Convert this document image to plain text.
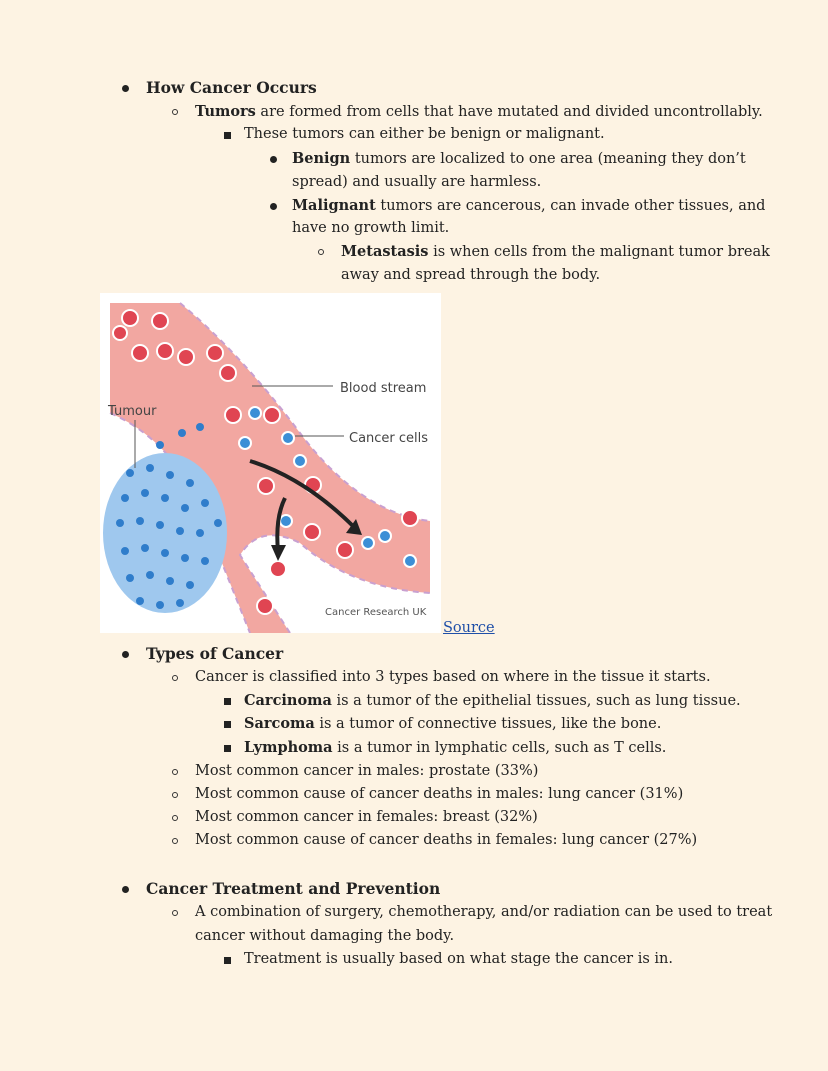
How Cancer Occurs
Tumors are formed from cells that have mutated and divided uncontrollably.
These tumors can either be benign or malignant.
Benign tumors are localized to one area (meaning they don’t
spread) and usually are harmless.
Malignant tumors are cancerous, can invade other tissues, and
have no growth limit.
Metastasis is when cells from the malignant tumor break
away and spread through the body.
Blood stream
Cancer cells
Tumour
Cancer Research UK
Source
Types of Cancer
Cancer is classified into 3 types based on where in the tissue it starts.
Carcinoma is a tumor of the epithelial tissues, such as lung tissue.
Sarcoma is a tumor of connective tissues, like the bone.
Lymphoma is a tumor in lymphatic cells, such as T cells.
Most common cancer in males: prostate (33%)
Most common cause of cancer deaths in males: lung cancer (31%)
Most common cancer in females: breast (32%)
Most common cause of cancer deaths in females: lung cancer (27%)
Cancer Treatment and Prevention
A combination of surgery, chemotherapy, and/or radiation can be used to treat
cancer without damaging the body.
Treatment is usually based on what stage the cancer is in.
